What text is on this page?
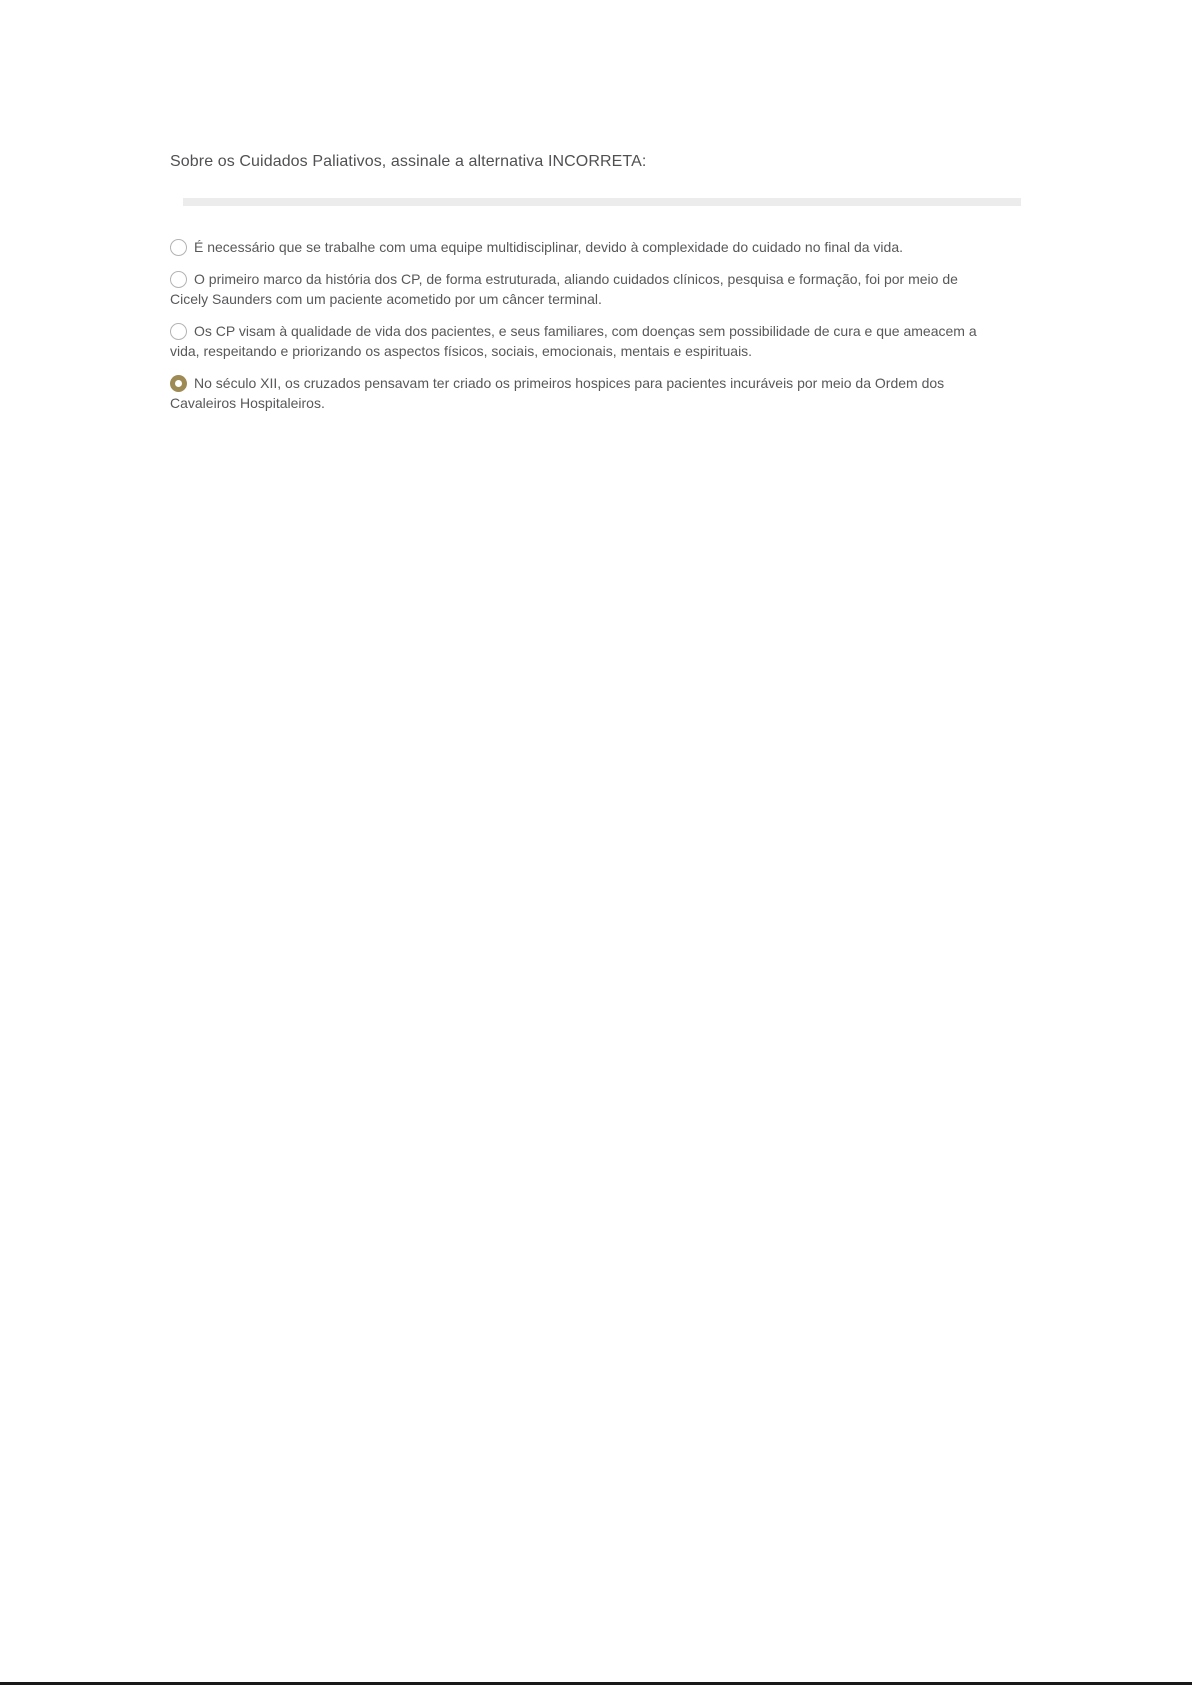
Sobre os Cuidados Paliativos, assinale a alternativa INCORRETA:
É necessário que se trabalhe com uma equipe multidisciplinar, devido à complexidade do cuidado no final da vida.
O primeiro marco da história dos CP, de forma estruturada, aliando cuidados clínicos, pesquisa e formação, foi por meio de Cicely Saunders com um paciente acometido por um câncer terminal.
Os CP visam à qualidade de vida dos pacientes, e seus familiares, com doenças sem possibilidade de cura e que ameacem a vida, respeitando e priorizando os aspectos físicos, sociais, emocionais, mentais e espirituais.
No século XII, os cruzados pensavam ter criado os primeiros hospices para pacientes incuráveis por meio da Ordem dos Cavaleiros Hospitaleiros.
